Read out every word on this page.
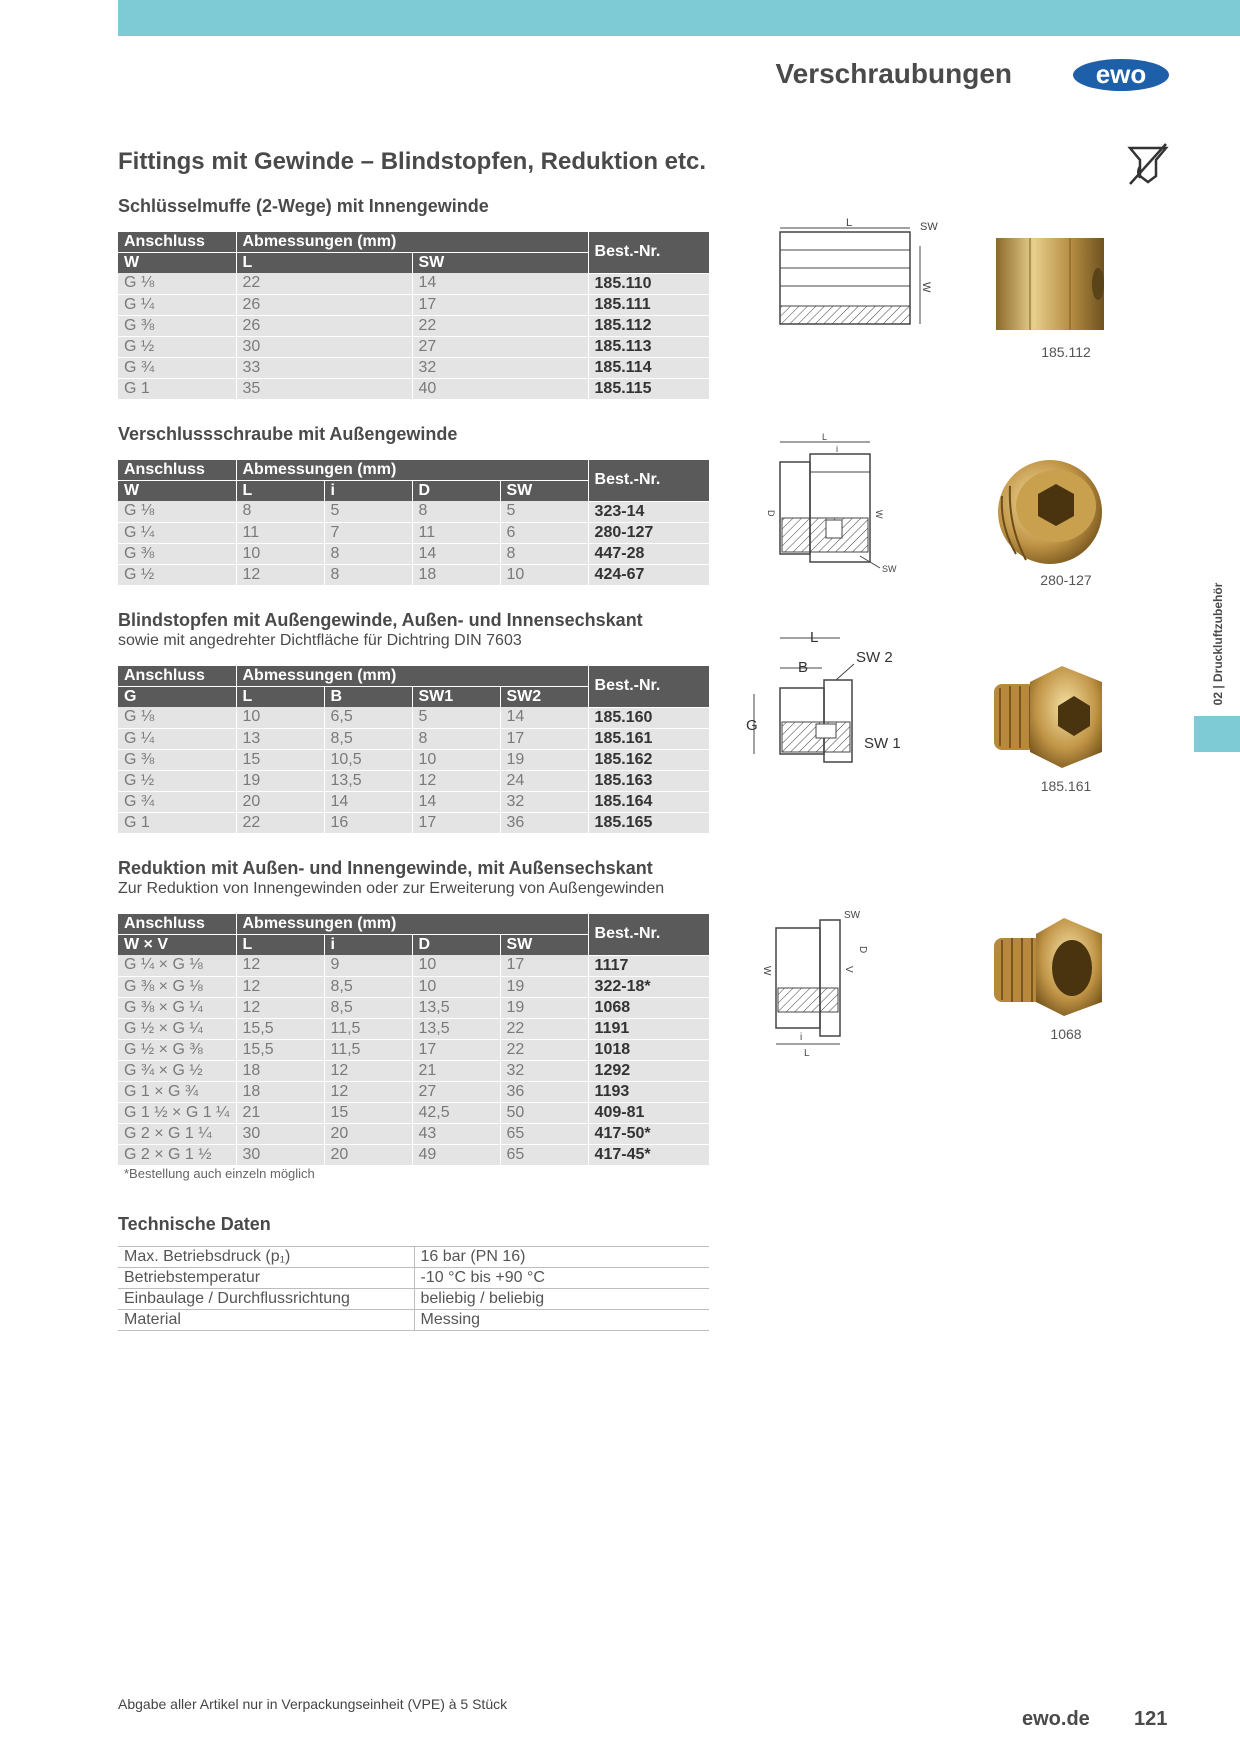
Verschraubungen	ewo
Fittings mit Gewinde – Blindstopfen, Reduktion etc.
Schlüsselmuffe (2-Wege) mit Innengewinde
Anschluss	Abmessungen (mm)		Best.-Nr.
W	L	SW	
G ⅛	22	14	185.110
G ¼	26	17	185.111
G ⅜	26	22	185.112
G ½	30	27	185.113
G ¾	33	32	185.114
G 1	35	40	185.115
L	SW
W
185.112
Verschlussschraube mit Außengewinde
Anschluss	Abmessungen (mm)				Best.-Nr.
W	L	i	D	SW	
G ⅛	8	5	8	5	323-14
G ¼	11	7	11	6	280-127
G ⅜	10	8	14	8	447-28
G ½	12	8	18	10	424-67
L
i
D	W
SW
280-127
Blindstopfen mit Außengewinde, Außen- und Innensechskant
sowie mit angedrehter Dichtfläche für Dichtring DIN 7603
Anschluss	Abmessungen (mm)				Best.-Nr.
G	L	B	SW1	SW2	
G ⅛	10	6,5	5	14	185.160
G ¼	13	8,5	8	17	185.161
G ⅜	15	10,5	10	19	185.162
G ½	19	13,5	12	24	185.163
G ¾	20	14	14	32	185.164
G 1	22	16	17	36	185.165
L
B
SW 2
G
SW 1
185.161
Reduktion mit Außen- und Innengewinde, mit Außensechskant
Zur Reduktion von Innengewinden oder zur Erweiterung von Außengewinden
Anschluss	Abmessungen (mm)				Best.-Nr.
W × V	L	i	D	SW	
G ¼ × G ⅛	12	9	10	17	1117
G ⅜ × G ⅛	12	8,5	10	19	322-18*
G ⅜ × G ¼	12	8,5	13,5	19	1068
G ½ × G ¼	15,5	11,5	13,5	22	1191
G ½ × G ⅜	15,5	11,5	17	22	1018
G ¾ × G ½	18	12	21	32	1292
G 1 × G ¾	18	12	27	36	1193
G 1 ½ × G 1 ¼	21	15	42,5	50	409-81
G 2 × G 1 ¼	30	20	43	65	417-50*
G 2 × G 1 ½	30	20	49	65	417-45*
*Bestellung auch einzeln möglich
SW
W	V
D
i
L
1068
Technische Daten
Max. Betriebsdruck (p₁)	16 bar (PN 16)
Betriebstemperatur	-10 °C bis +90 °C
Einbaulage / Durchflussrichtung	beliebig / beliebig
Material	Messing
02 | Druckluftzubehör
Abgabe aller Artikel nur in Verpackungseinheit (VPE) à 5 Stück
ewo.de 121
